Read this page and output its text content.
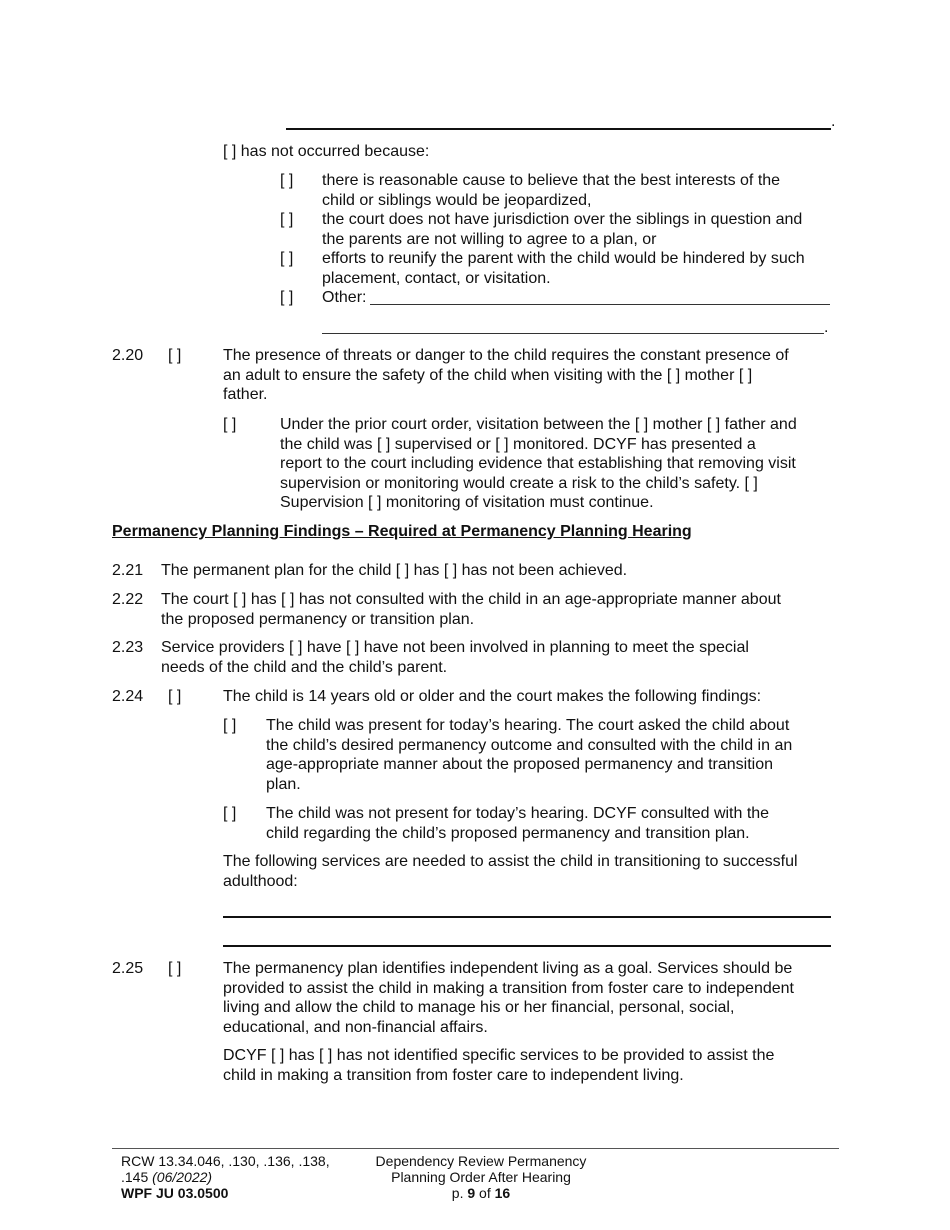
.
[ ] has not occurred because:
[ ] there is reasonable cause to believe that the best interests of the
child or siblings would be jeopardized,
[ ] the court does not have jurisdiction over the siblings in question and
the parents are not willing to agree to a plan, or
[ ] efforts to reunify the parent with the child would be hindered by such
placement, contact, or visitation.
[ ] Other:
.
2.20 [ ]	The presence of threats or danger to the child requires the constant presence of
an adult to ensure the safety of the child when visiting with the [ ] mother [ ]
father.
[ ]	Under the prior court order, visitation between the [ ] mother [ ] father and
the child was [ ] supervised or [ ] monitored. DCYF has presented a
report to the court including evidence that establishing that removing visit
supervision or monitoring would create a risk to the child’s safety. [ ]
Supervision [ ] monitoring of visitation must continue.
Permanency Planning Findings – Required at Permanency Planning Hearing
2.21 The permanent plan for the child [ ] has [ ] has not been achieved.
2.22 The court [ ] has [ ] has not consulted with the child in an age-appropriate manner about
the proposed permanency or transition plan.
2.23 Service providers [ ] have [ ] have not been involved in planning to meet the special
needs of the child and the child’s parent.
2.24 [ ]	The child is 14 years old or older and the court makes the following findings:
[ ] The child was present for today’s hearing. The court asked the child about
the child’s desired permanency outcome and consulted with the child in an
age-appropriate manner about the proposed permanency and transition
plan.
[ ] The child was not present for today’s hearing. DCYF consulted with the
child regarding the child’s proposed permanency and transition plan.
The following services are needed to assist the child in transitioning to successful
adulthood:
2.25 [ ]	The permanency plan identifies independent living as a goal. Services should be
provided to assist the child in making a transition from foster care to independent
living and allow the child to manage his or her financial, personal, social,
educational, and non-financial affairs.
DCYF [ ] has [ ] has not identified specific services to be provided to assist the
child in making a transition from foster care to independent living.
RCW 13.34.046, .130, .136, .138,
.145 (06/2022)
WPF JU 03.0500
Dependency Review Permanency
Planning Order After Hearing
p. 9 of 16
